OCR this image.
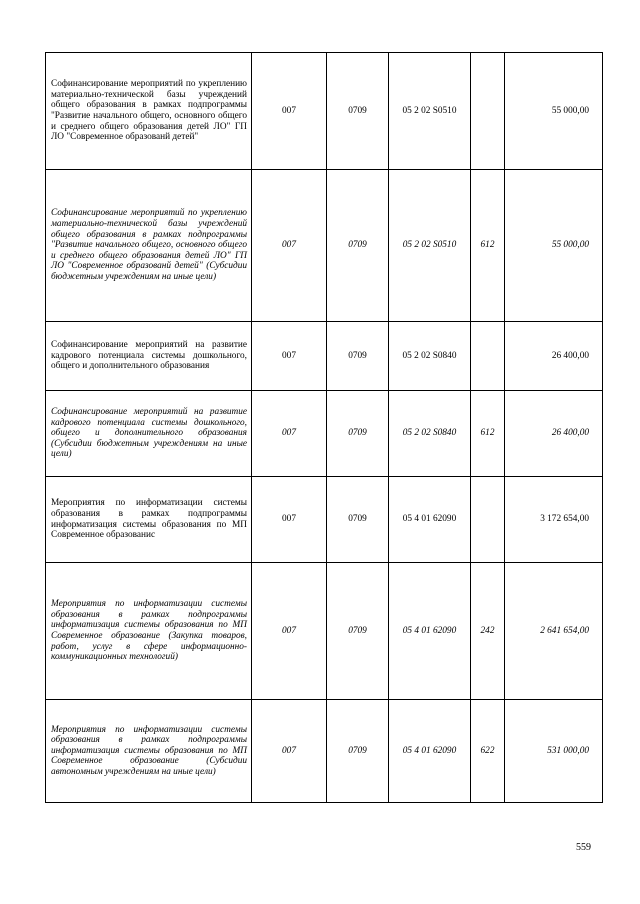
Софинансирование мероприятий по укреплению материально-технической базы учреждений общего образования в рамках подпрограммы "Развитие начального общего, основного общего и среднего общего образования детей ЛО" ГП ЛО "Современное образованй детей"	007	0709	05 2 02 S0510		55 000,00
Софинансирование мероприятий по укреплению материально-технической базы учреждений общего образования в рамках подпрограммы "Развитие начального общего, основного общего и среднего общего образования детей ЛО" ГП ЛО "Современное образованй детей" (Субсидии бюджетным учреждениям на иные цели)	007	0709	05 2 02 S0510	612	55 000,00
Софинансирование мероприятий на развитие кадрового потенциала системы дошкольного, общего и дополнительного образования	007	0709	05 2 02 S0840		26 400,00
Софинансирование мероприятий на развитие кадрового потенциала системы дошкольного, общего и дополнительного образования (Субсидии бюджетным учреждениям на иные цели)	007	0709	05 2 02 S0840	612	26 400,00
Мероприятия по информатизации системы образования в рамках подпрограммы информатизация системы образования по МП Современное образованис	007	0709	05 4 01 62090		3 172 654,00
Мероприятия по информатизации системы образования в рамках подпрограммы информатизация системы образования по МП Современное образование (Закупка товаров, работ, услуг в сфере информационно-коммуникационных технологий)	007	0709	05 4 01 62090	242	2 641 654,00
Мероприятия по информатизации системы образования в рамках подпрограммы информатизация системы образования по МП Современное образование (Субсидии автономным учреждениям на иные цели)	007	0709	05 4 01 62090	622	531 000,00
559
